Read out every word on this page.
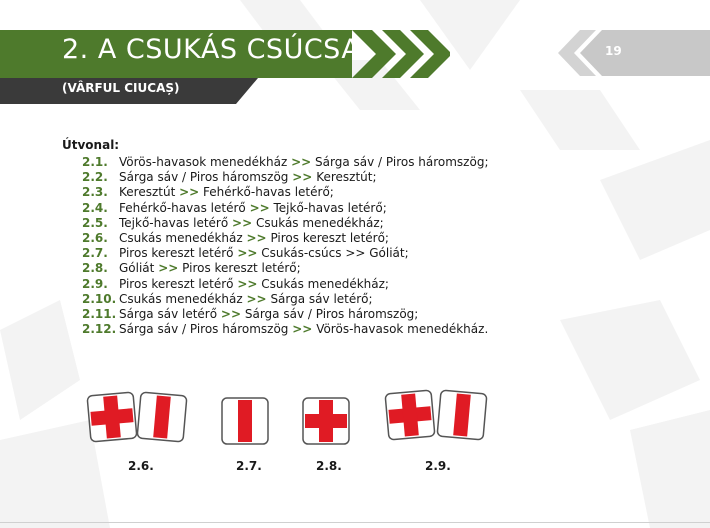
2. A CSUKÁS CSÚCSA
(VÂRFUL CIUCAȘ)
19
Útvonal:
2.1. Vörös-havasok menedékház >> Sárga sáv / Piros háromszög;
2.2. Sárga sáv / Piros háromszög >> Keresztút;
2.3. Keresztút >> Fehérkő-havas letérő;
2.4. Fehérkő-havas letérő >> Tejkő-havas letérő;
2.5. Tejkő-havas letérő >> Csukás menedékház;
2.6. Csukás menedékház >> Piros kereszt letérő;
2.7. Piros kereszt letérő >> Csukás-csúcs >> Góliát;
2.8. Góliát >> Piros kereszt letérő;
2.9. Piros kereszt letérő >> Csukás menedékház;
2.10. Csukás menedékház >> Sárga sáv letérő;
2.11. Sárga sáv letérő >> Sárga sáv / Piros háromszög;
2.12. Sárga sáv / Piros háromszög >> Vörös-havasok menedékház.
2.6.	2.7.	2.8.	2.9.
